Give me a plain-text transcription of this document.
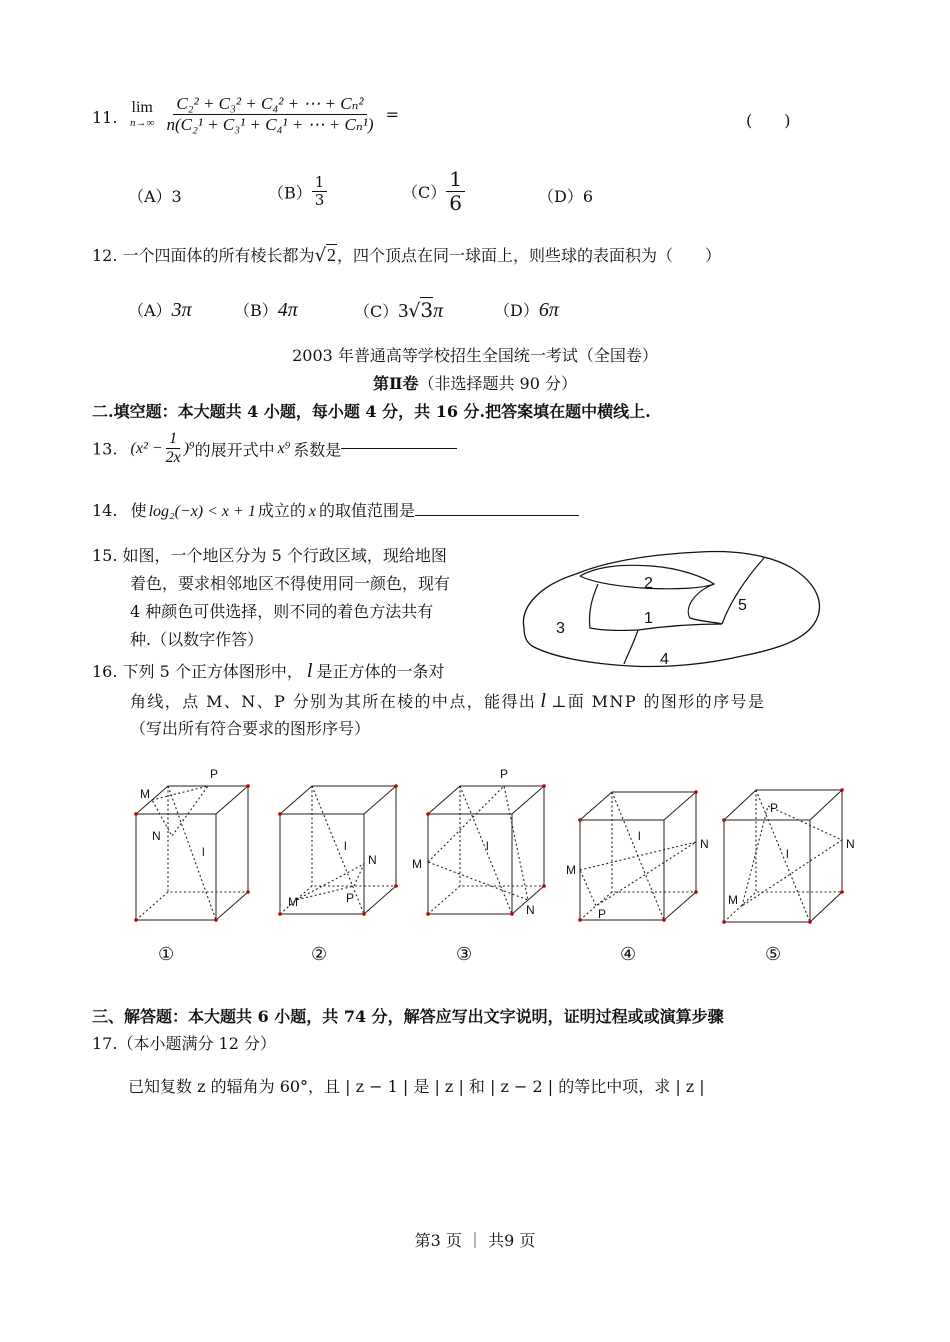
11.
lim
n→∞
$\frac{\text{C₂² + C₃² + C₄² + ⋯ + Cₙ²}}{\text{n(C₂¹ + C₃¹ + C₄¹ + ⋯ + Cₙ¹)}}$ =	(　　)
（A）3	$(B) \frac{1}{3}$	$(C) \frac{1}{6}$	（D）6
12. 一个四面体的所有棱长都为√2，四个顶点在同一球面上，则些球的表面积为（　　）
（A）3π	（B）4π	（C）3√3π	（D）6π
2003 年普通高等学校招生全国统一考试（全国卷）
第Ⅱ卷（非选择题共 90 分）
二.填空题：本大题共 4 小题，每小题 4 分，共 16 分.把答案填在题中横线上.
13. $(x^2 - \frac{1}{2x} )^9$的展开式中 x⁹ 系数是
14. 使 log₂(−x) < x + 1 成立的 x 的取值范围是
15. 如图，一个地区分为 5 个行政区域，现给地图
着色，要求相邻地区不得使用同一颜色，现有
4 种颜色可供选择，则不同的着色方法共有
种.（以数字作答）
2
1
3
5
4
16. 下列 5 个正方体图形中， l 是正方体的一条对
角线，点 M、N、P 分别为其所在棱的中点，能得出 l ⊥面 MNP 的图形的序号是
（写出所有符合要求的图形序号）
M
P
N
l
①
M
N
P
l
②
M
P
N
l
③
M
N
P
l
④
M
P
N
l
⑤
三、解答题：本大题共 6 小题，共 74 分，解答应写出文字说明，证明过程或或演算步骤
17.（本小题满分 12 分）
已知复数 z 的辐角为 60°，且 | z − 1 | 是 | z | 和 | z − 2 | 的等比中项，求 | z |
第3 页 ｜ 共9 页
